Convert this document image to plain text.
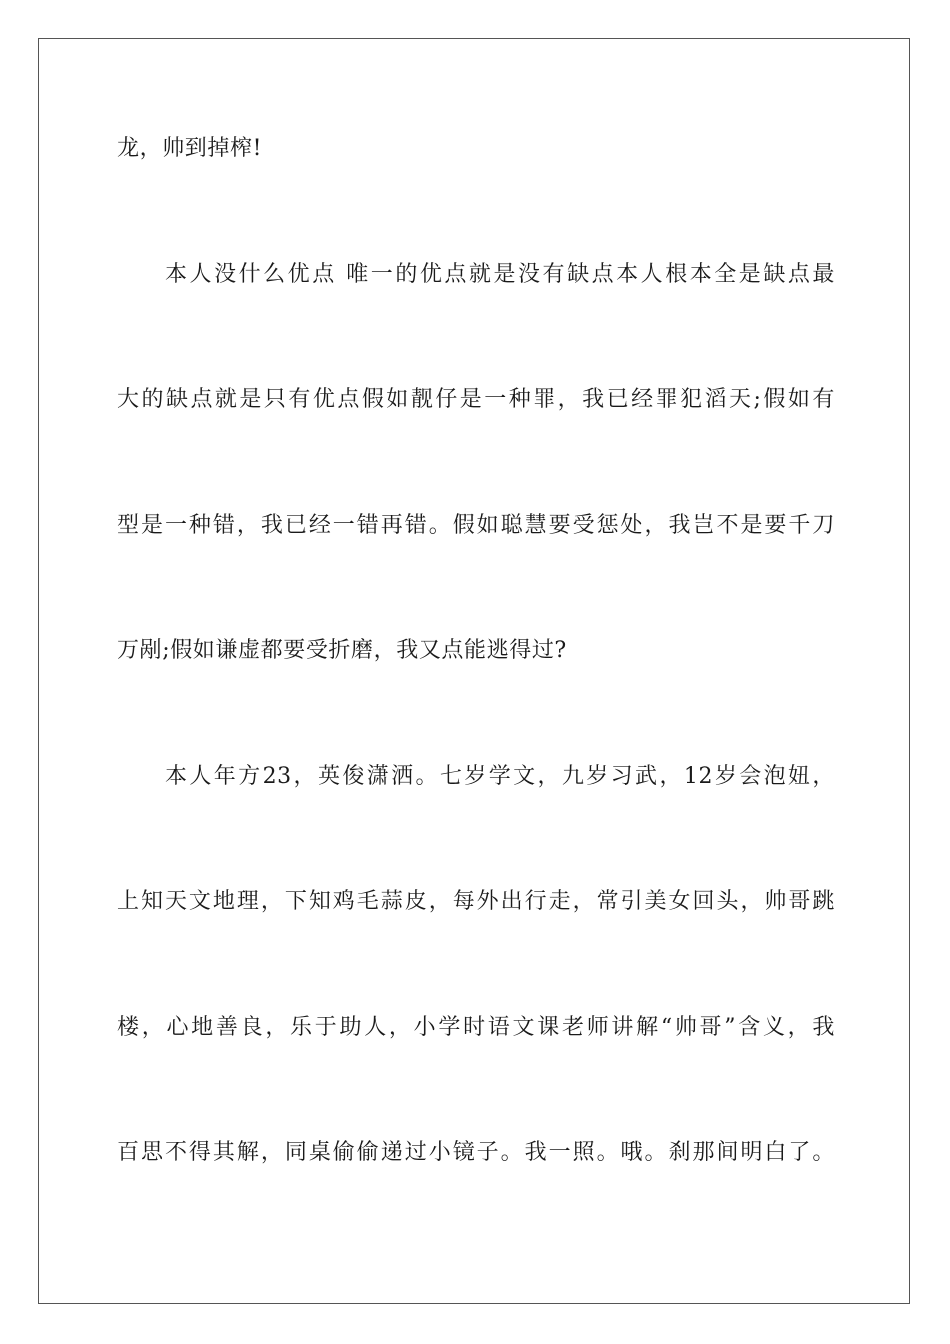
龙，帅到掉榨!
本人没什么优点 唯一的优点就是没有缺点本人根本全是缺点最
大的缺点就是只有优点假如靓仔是一种罪，我已经罪犯滔天;假如有
型是一种错，我已经一错再错。假如聪慧要受惩处，我岂不是要千刀
万剐;假如谦虚都要受折磨，我又点能逃得过?
本人年方23，英俊潇洒。七岁学文，九岁习武，12岁会泡妞，
上知天文地理，下知鸡毛蒜皮，每外出行走，常引美女回头，帅哥跳
楼，心地善良，乐于助人，小学时语文课老师讲解“帅哥”含义，我
百思不得其解，同桌偷偷递过小镜子。我一照。哦。刹那间明白了。
